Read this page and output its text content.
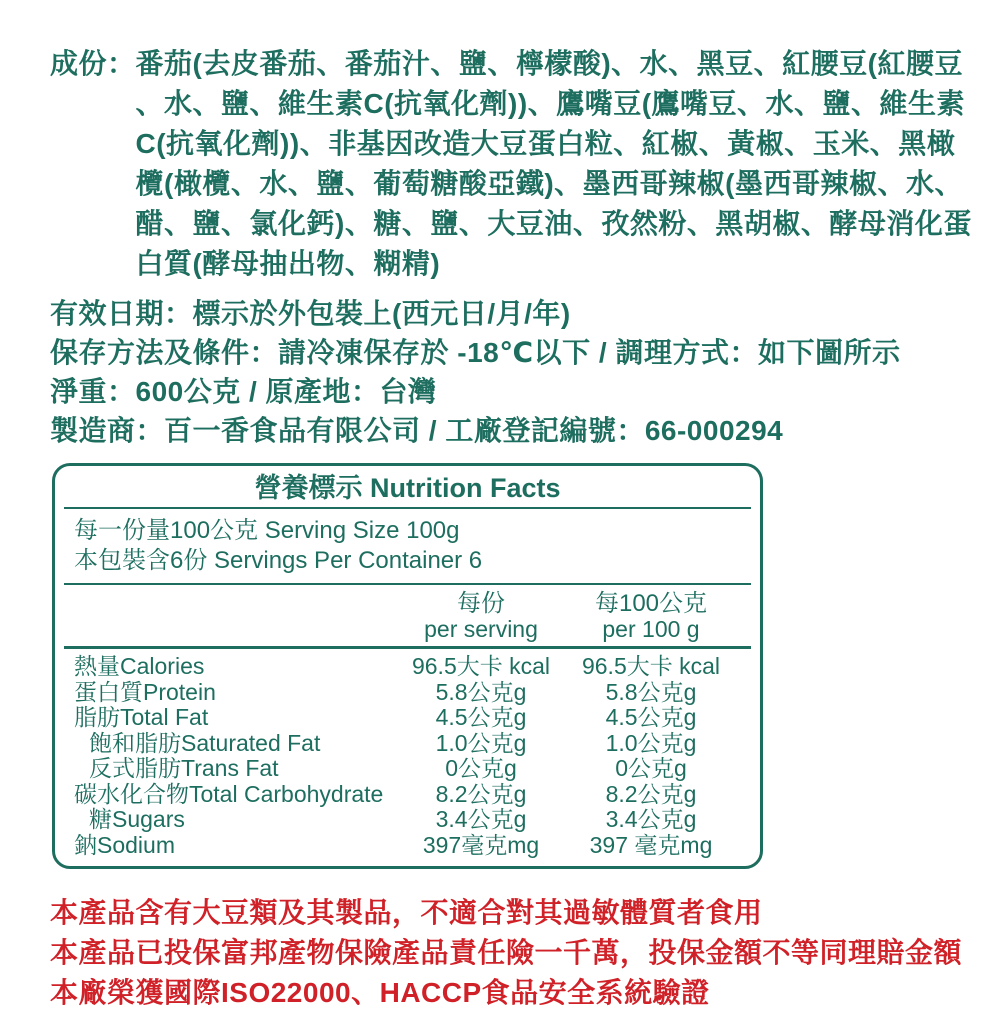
成份： 番茄(去皮番茄、番茄汁、鹽、檸檬酸)、水、黑豆、紅腰豆(紅腰豆
、水、鹽、維生素C(抗氧化劑))、鷹嘴豆(鷹嘴豆、水、鹽、維生素
C(抗氧化劑))、非基因改造大豆蛋白粒、紅椒、黃椒、玉米、黑橄
欖(橄欖、水、鹽、葡萄糖酸亞鐵)、墨西哥辣椒(墨西哥辣椒、水、
醋、鹽、氯化鈣)、糖、鹽、大豆油、孜然粉、黑胡椒、酵母消化蛋
白質(酵母抽出物、糊精)
有效日期：標示於外包裝上(西元日/月/年)
保存方法及條件：請冷凍保存於 -18℃以下 / 調理方式：如下圖所示
淨重：600公克 / 原產地：台灣
製造商：百一香食品有限公司 / 工廠登記編號：66-000294
營養標示 Nutrition Facts
每一份量100公克 Serving Size 100g
本包裝含6份 Servings Per Container 6
每份
per serving
每100公克
per 100 g
熱量Calories	96.5大卡 kcal	96.5大卡 kcal
蛋白質Protein	5.8公克g	5.8公克g
脂肪Total Fat	4.5公克g	4.5公克g
飽和脂肪Saturated Fat	1.0公克g	1.0公克g
反式脂肪Trans Fat	0公克g	0公克g
碳水化合物Total Carbohydrate	8.2公克g	8.2公克g
糖Sugars	3.4公克g	3.4公克g
鈉Sodium	397毫克mg	397 毫克mg
本產品含有大豆類及其製品，不適合對其過敏體質者食用
本產品已投保富邦產物保險產品責任險一千萬，投保金額不等同理賠金額
本廠榮獲國際ISO22000、HACCP食品安全系統驗證
